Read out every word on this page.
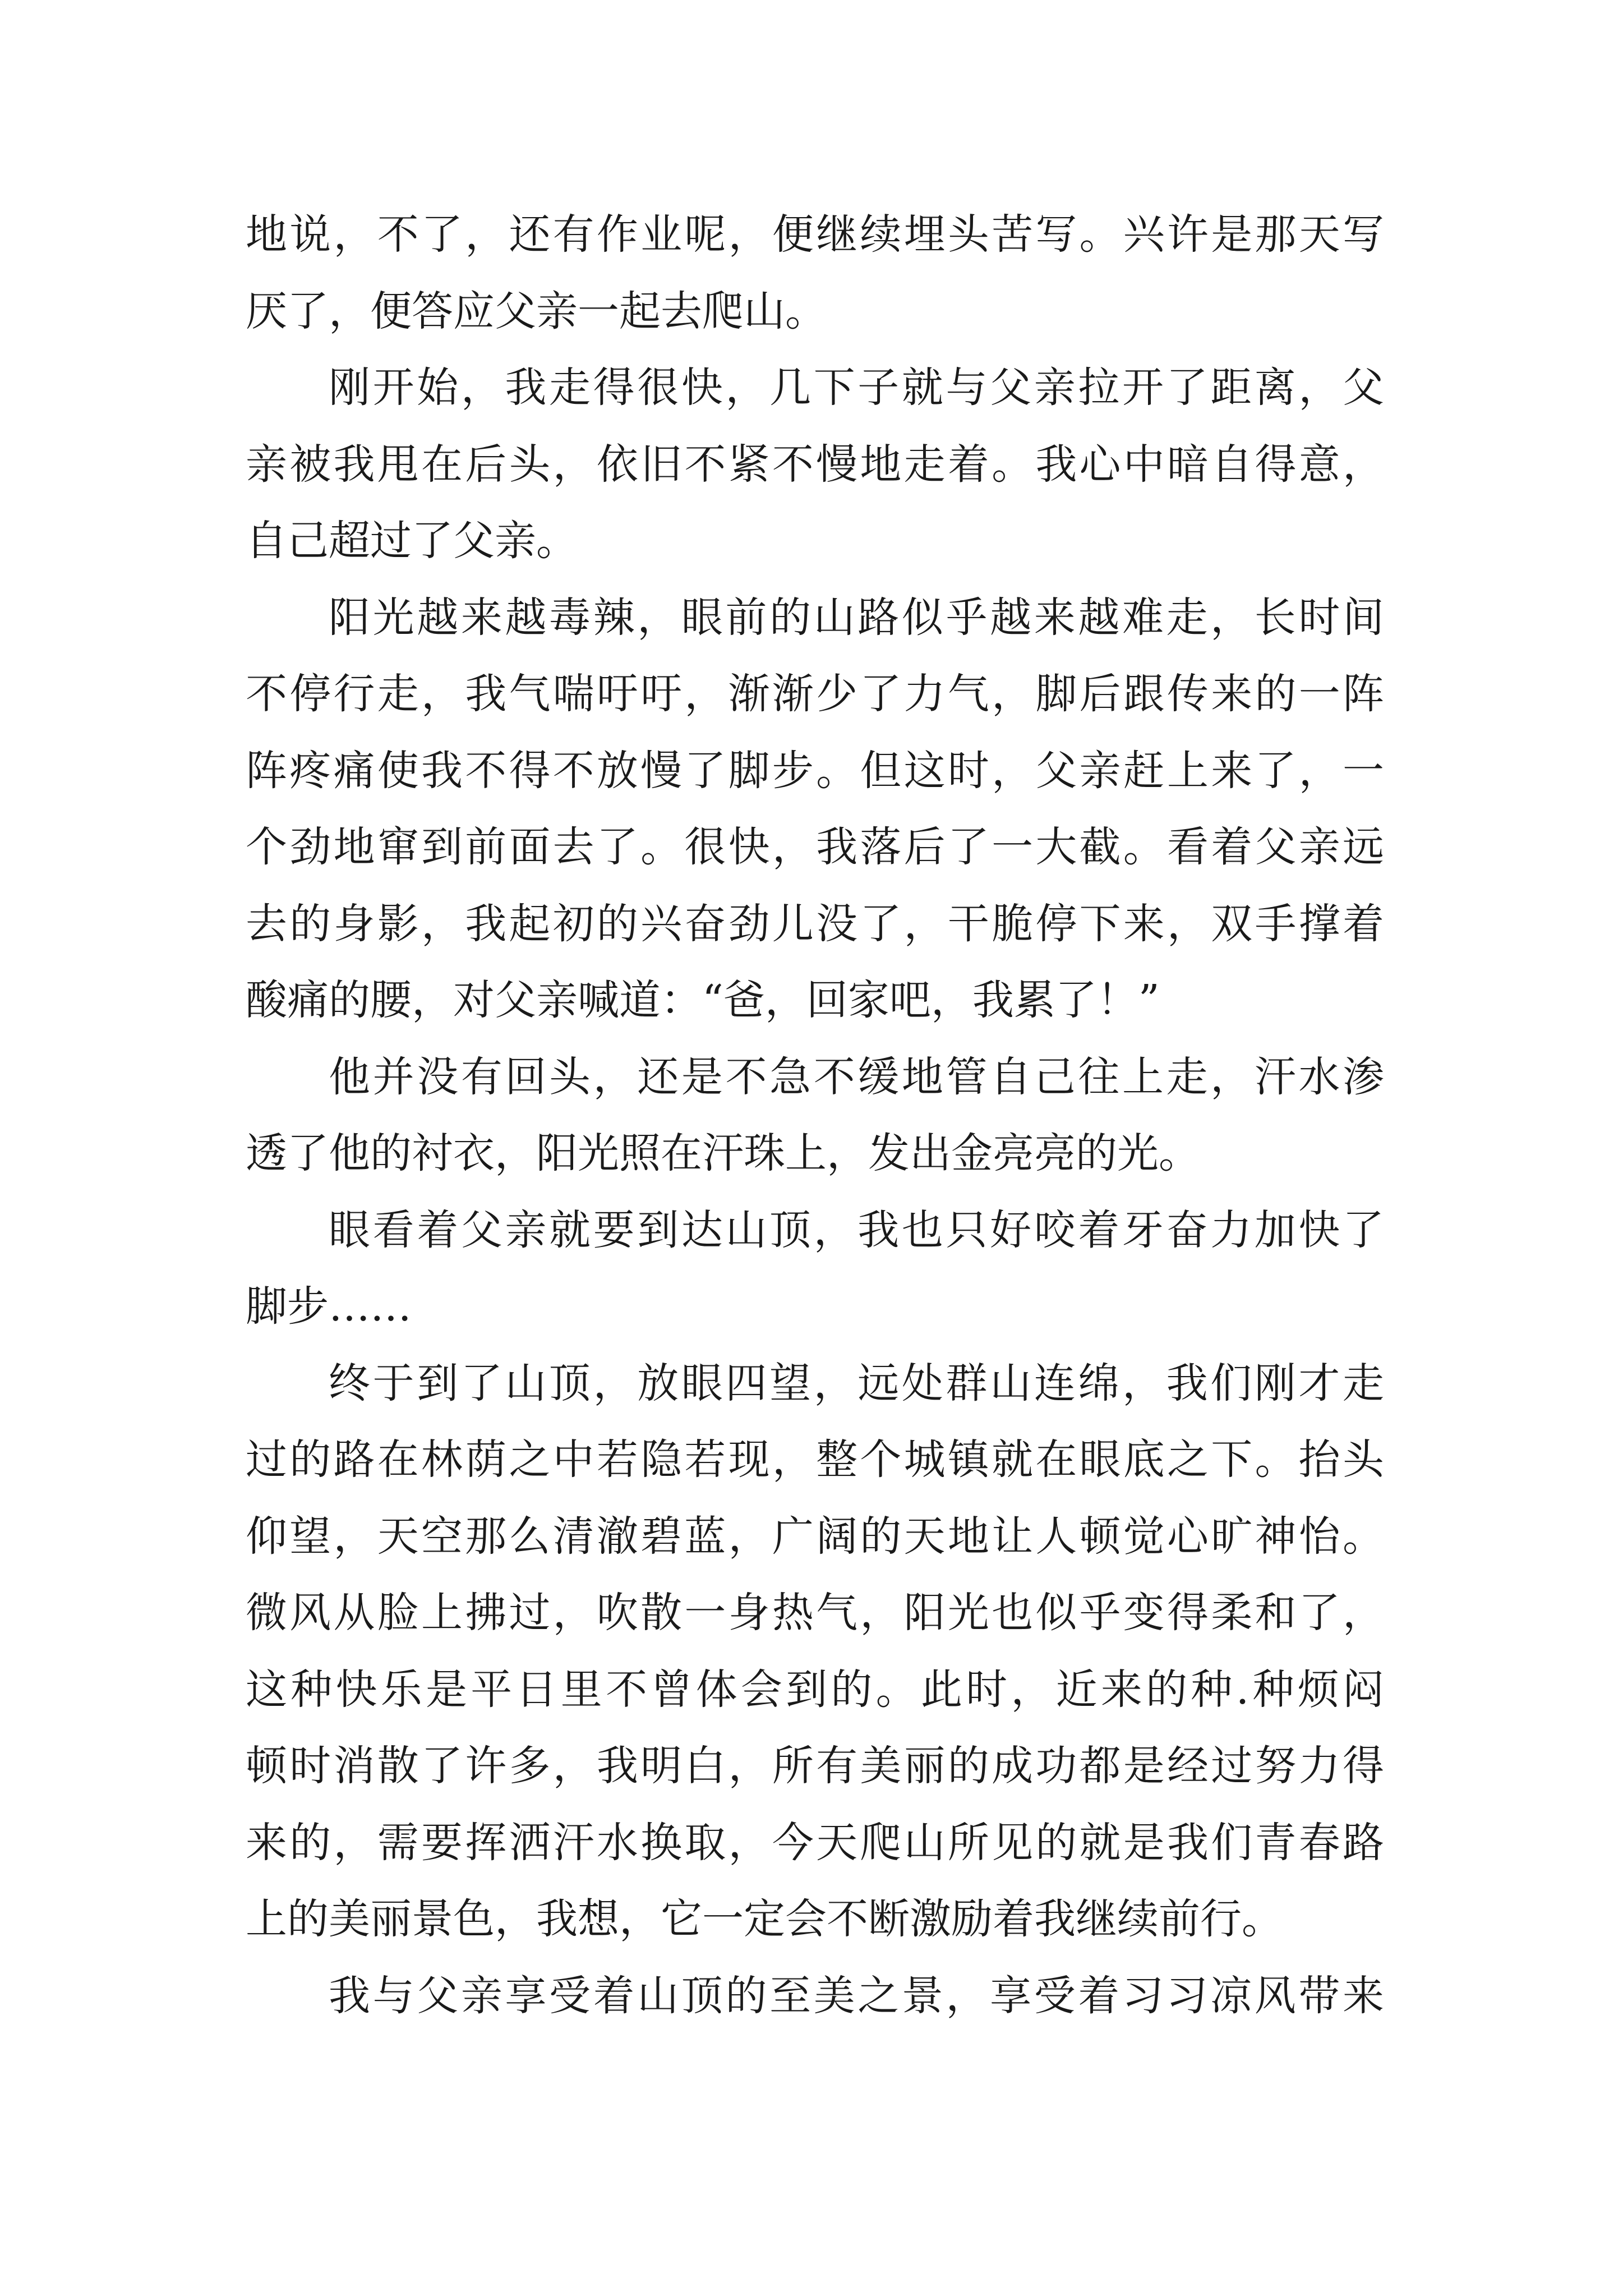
地说，不了，还有作业呢，便继续埋头苦写。兴许是那天写
厌了，便答应父亲一起去爬山。
刚开始，我走得很快，几下子就与父亲拉开了距离，父
亲被我甩在后头，依旧不紧不慢地走着。我心中暗自得意，
自己超过了父亲。
阳光越来越毒辣，眼前的山路似乎越来越难走，长时间
不停行走，我气喘吁吁，渐渐少了力气，脚后跟传来的一阵
阵疼痛使我不得不放慢了脚步。但这时，父亲赶上来了，一
个劲地窜到前面去了。很快，我落后了一大截。看着父亲远
去的身影，我起初的兴奋劲儿没了，干脆停下来，双手撑着
酸痛的腰，对父亲喊道：“爸，回家吧，我累了！”
他并没有回头，还是不急不缓地管自己往上走，汗水渗
透了他的衬衣，阳光照在汗珠上，发出金亮亮的光。
眼看着父亲就要到达山顶，我也只好咬着牙奋力加快了
脚步……
终于到了山顶，放眼四望，远处群山连绵，我们刚才走
过的路在林荫之中若隐若现，整个城镇就在眼底之下。抬头
仰望，天空那么清澈碧蓝，广阔的天地让人顿觉心旷神怡。
微风从脸上拂过，吹散一身热气，阳光也似乎变得柔和了，
这种快乐是平日里不曾体会到的。此时，近来的种.种烦闷
顿时消散了许多，我明白，所有美丽的成功都是经过努力得
来的，需要挥洒汗水换取，今天爬山所见的就是我们青春路
上的美丽景色，我想，它一定会不断激励着我继续前行。
我与父亲享受着山顶的至美之景，享受着习习凉风带来
